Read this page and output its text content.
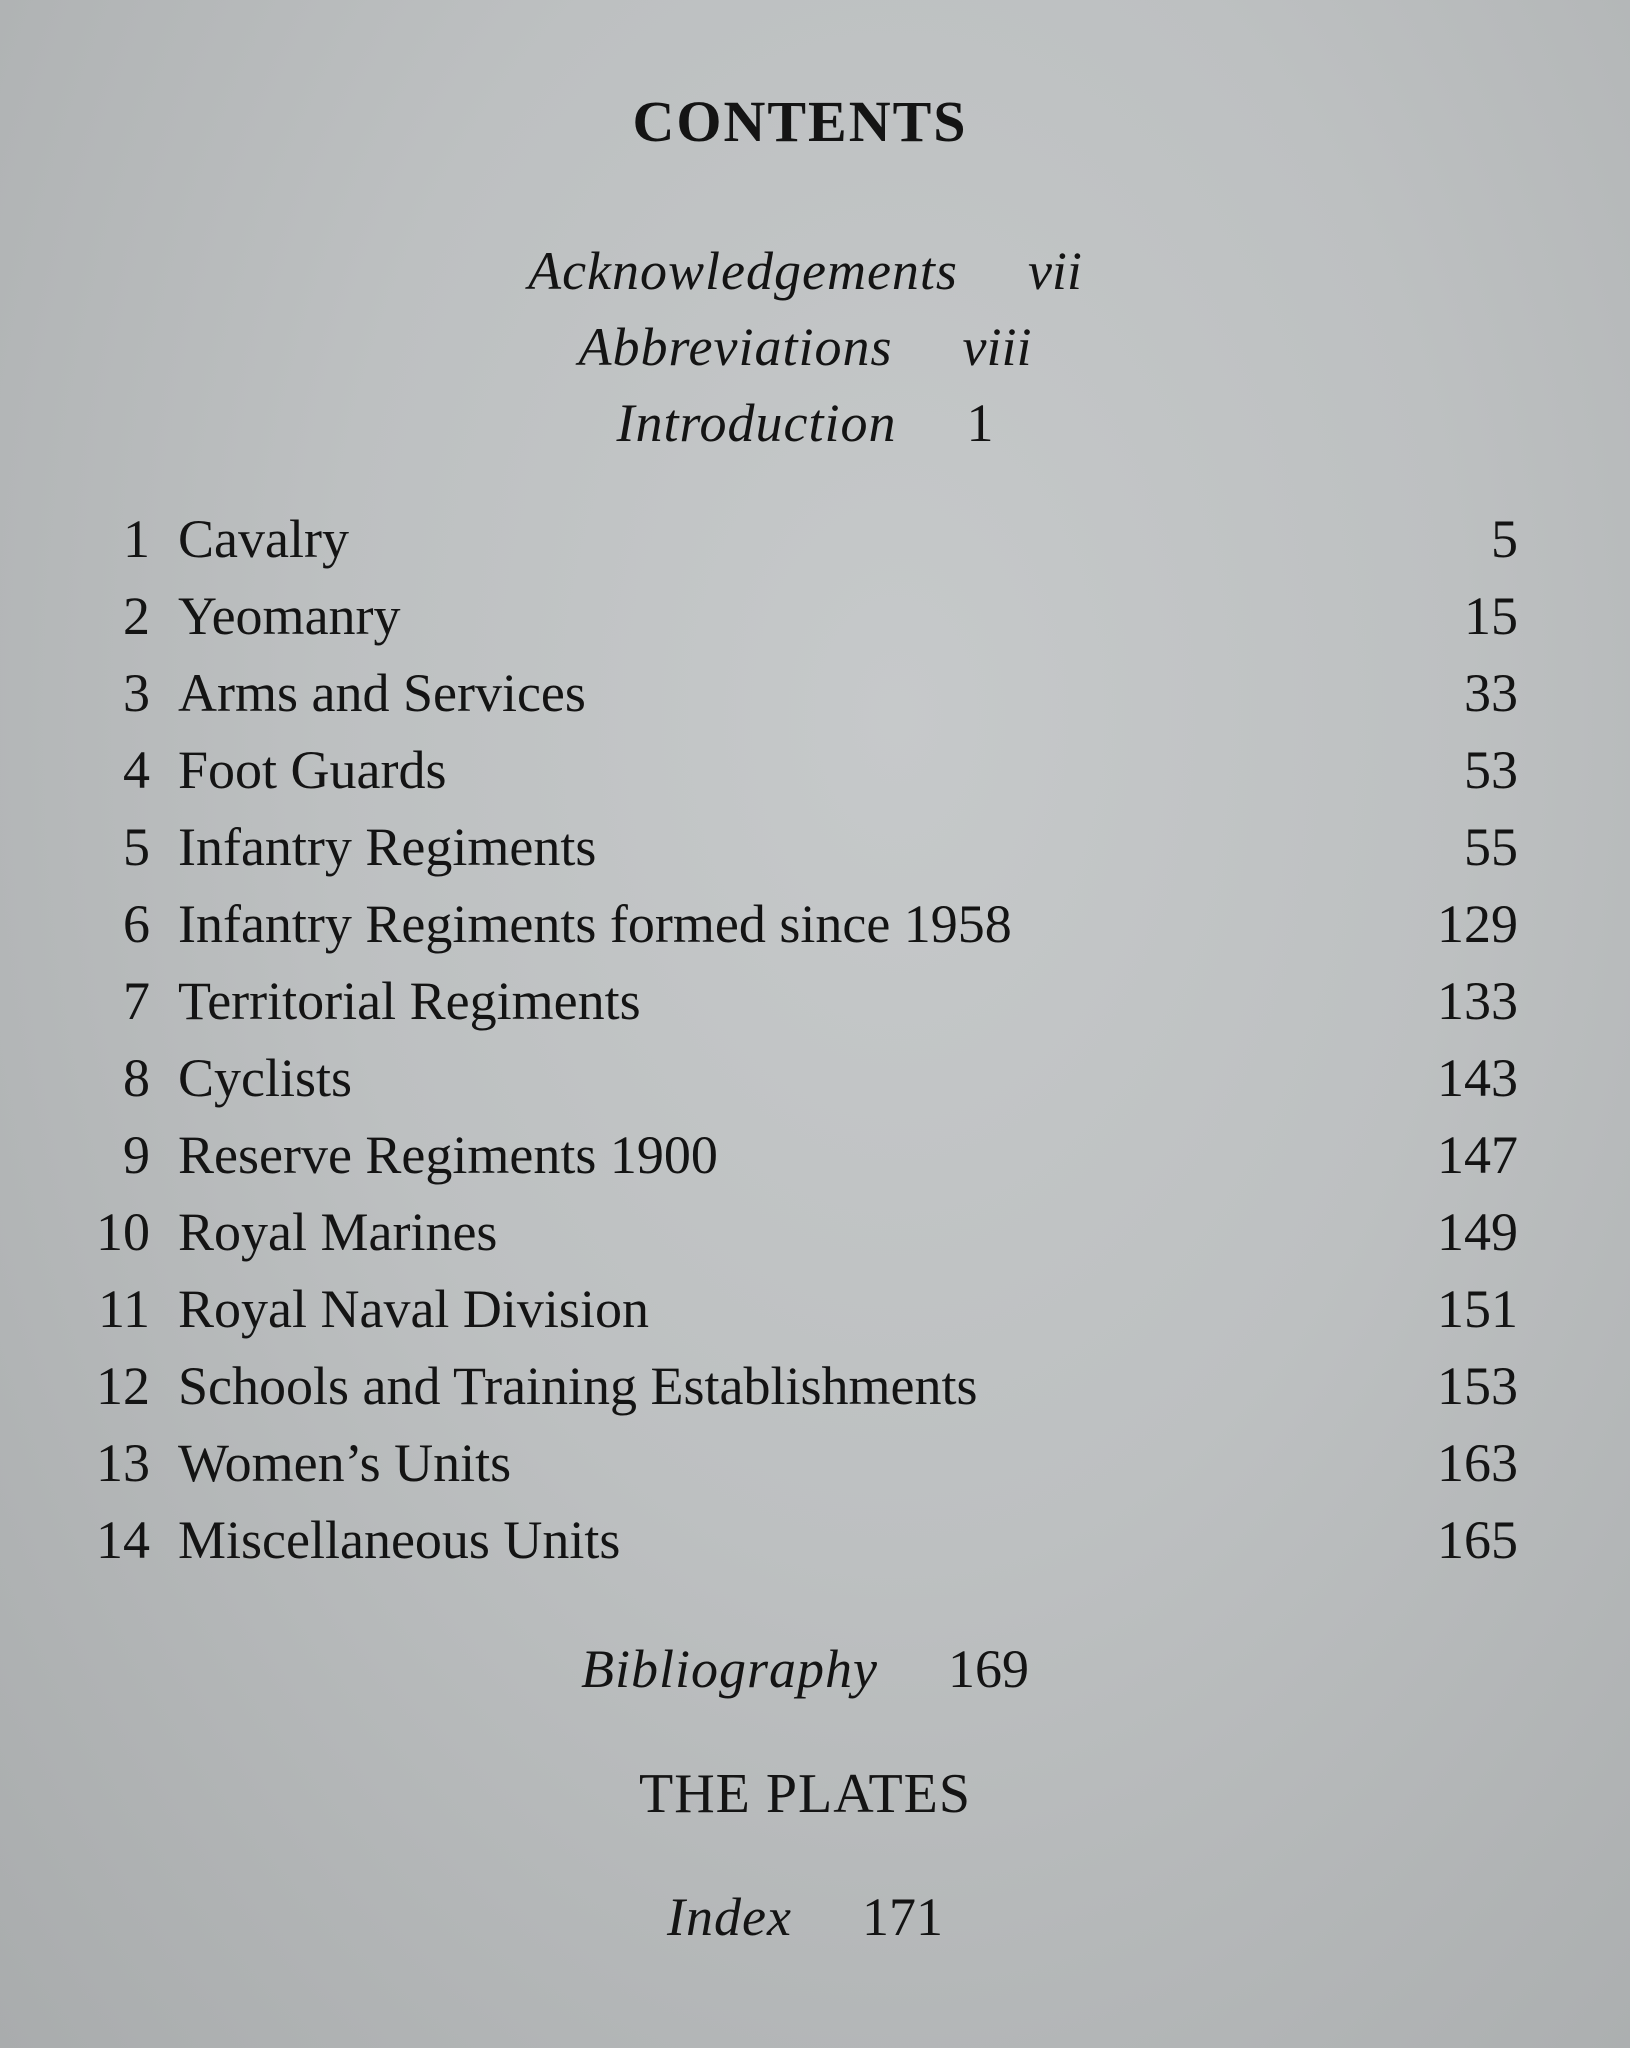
CONTENTS
Acknowledgements vii
Abbreviations viii
Introduction 1
1 Cavalry	5
2 Yeomanry	15
3 Arms and Services	33
4 Foot Guards	53
5 Infantry Regiments	55
6 Infantry Regiments formed since 1958	129
7 Territorial Regiments	133
8 Cyclists	143
9 Reserve Regiments 1900	147
10 Royal Marines	149
11 Royal Naval Division	151
12 Schools and Training Establishments	153
13 Women’s Units	163
14 Miscellaneous Units	165
Bibliography 169
THE PLATES
Index 171
